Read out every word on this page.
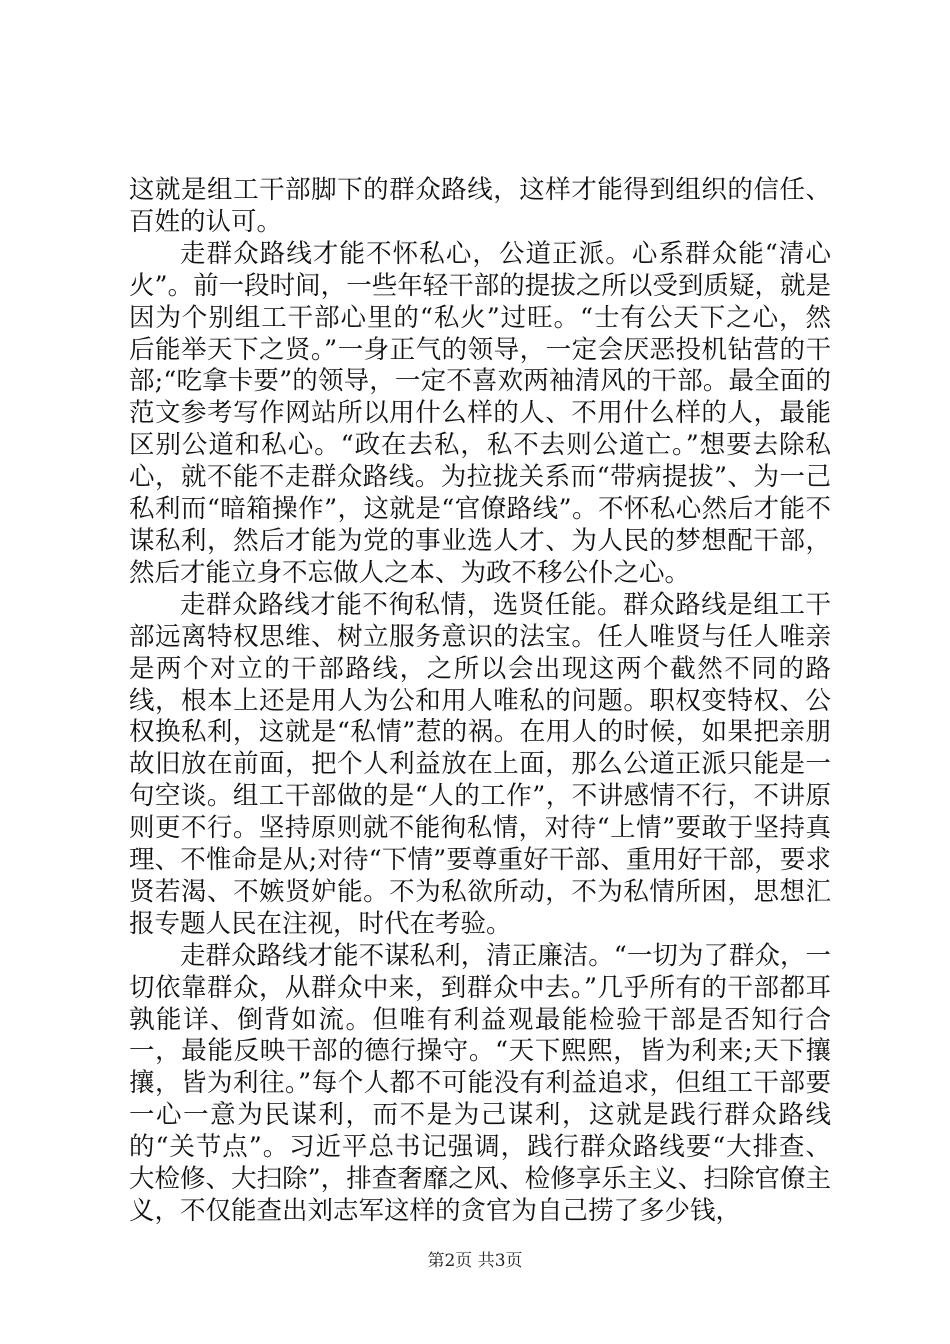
这就是组工干部脚下的群众路线，这样才能得到组织的信任、百姓的认可。

走群众路线才能不怀私心，公道正派。心系群众能“清心火”。前一段时间，一些年轻干部的提拔之所以受到质疑，就是因为个别组工干部心里的“私火”过旺。“士有公天下之心，然后能举天下之贤。”一身正气的领导，一定会厌恶投机钻营的干部;“吃拿卡要”的领导，一定不喜欢两袖清风的干部。最全面的范文参考写作网站所以用什么样的人、不用什么样的人，最能区别公道和私心。“政在去私，私不去则公道亡。”想要去除私心，就不能不走群众路线。为拉拢关系而“带病提拔”、为一己私利而“暗箱操作”，这就是“官僚路线”。不怀私心然后才能不谋私利，然后才能为党的事业选人才、为人民的梦想配干部，然后才能立身不忘做人之本、为政不移公仆之心。

走群众路线才能不徇私情，选贤任能。群众路线是组工干部远离特权思维、树立服务意识的法宝。任人唯贤与任人唯亲是两个对立的干部路线，之所以会出现这两个截然不同的路线，根本上还是用人为公和用人唯私的问题。职权变特权、公权换私利，这就是“私情”惹的祸。在用人的时候，如果把亲朋故旧放在前面，把个人利益放在上面，那么公道正派只能是一句空谈。组工干部做的是“人的工作”，不讲感情不行，不讲原则更不行。坚持原则就不能徇私情，对待“上情”要敢于坚持真理、不惟命是从;对待“下情”要尊重好干部、重用好干部，要求贤若渴、不嫉贤妒能。不为私欲所动，不为私情所困，思想汇报专题人民在注视，时代在考验。

走群众路线才能不谋私利，清正廉洁。“一切为了群众，一切依靠群众，从群众中来，到群众中去。”几乎所有的干部都耳孰能详、倒背如流。但唯有利益观最能检验干部是否知行合一，最能反映干部的德行操守。“天下熙熙，皆为利来;天下攘攘，皆为利往。”每个人都不可能没有利益追求，但组工干部要一心一意为民谋利，而不是为己谋利，这就是践行群众路线的“关节点”。习近平总书记强调，践行群众路线要“大排查、大检修、大扫除”，排查奢靡之风、检修享乐主义、扫除官僚主义，不仅能查出刘志军这样的贪官为自己捞了多少钱，

第2页 共3页
